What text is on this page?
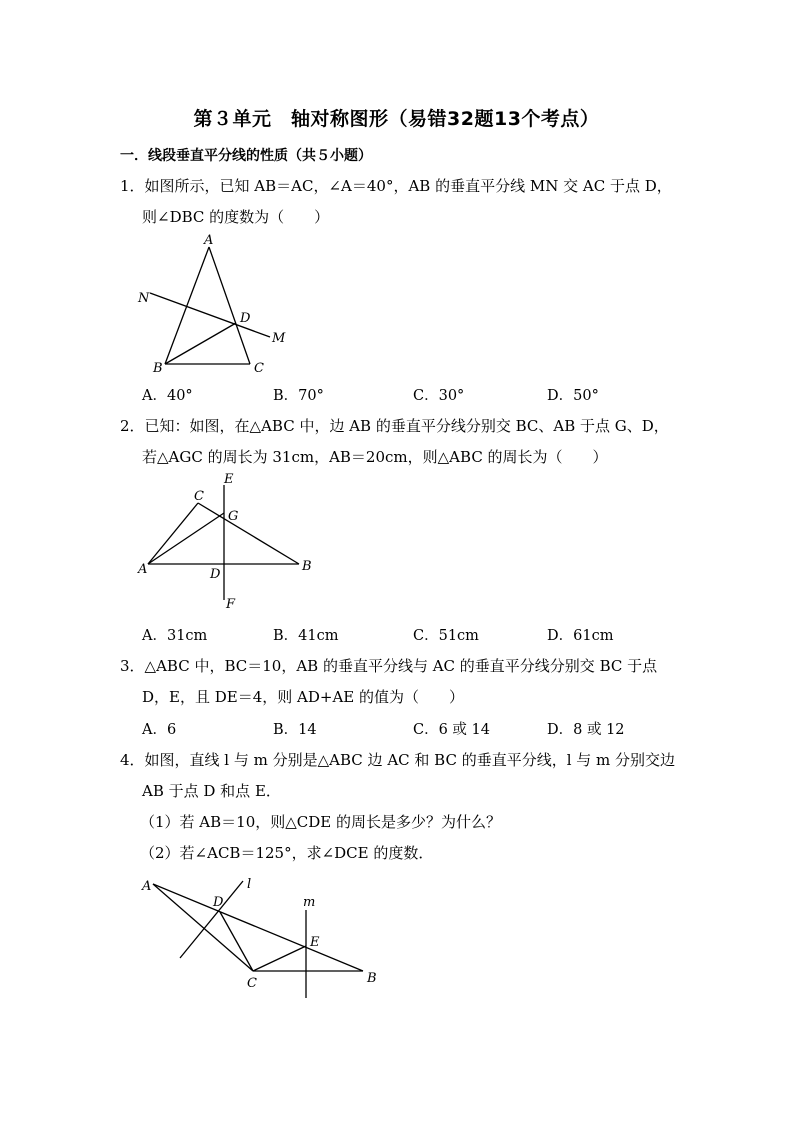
第３单元　轴对称图形（易错32题13个考点）
一．线段垂直平分线的性质（共５小题）
1．如图所示，已知 AB＝AC，∠A＝40°，AB 的垂直平分线 MN 交 AC 于点 D，
则∠DBC 的度数为（　　）
A
B	C
D
M
N
A．40°	B．70°	C．30°	D．50°
2．已知：如图，在△ABC 中，边 AB 的垂直平分线分别交 BC、AB 于点 G、D，
若△AGC 的周长为 31cm，AB＝20cm，则△ABC 的周长为（　　）
C
E
G
A	D
B
F
A．31cm	B．41cm	C．51cm	D．61cm
3．△ABC 中，BC＝10，AB 的垂直平分线与 AC 的垂直平分线分别交 BC 于点
D，E，且 DE＝4，则 AD+AE 的值为（　　）
A．6	B．14	C．6 或 14	D．8 或 12
4．如图，直线 l 与 m 分别是△ABC 边 AC 和 BC 的垂直平分线，l 与 m 分别交边
AB 于点 D 和点 E．
（1）若 AB＝10，则△CDE 的周长是多少？为什么？
（2）若∠ACB＝125°，求∠DCE 的度数．
A
D
l
m
E
C	B
